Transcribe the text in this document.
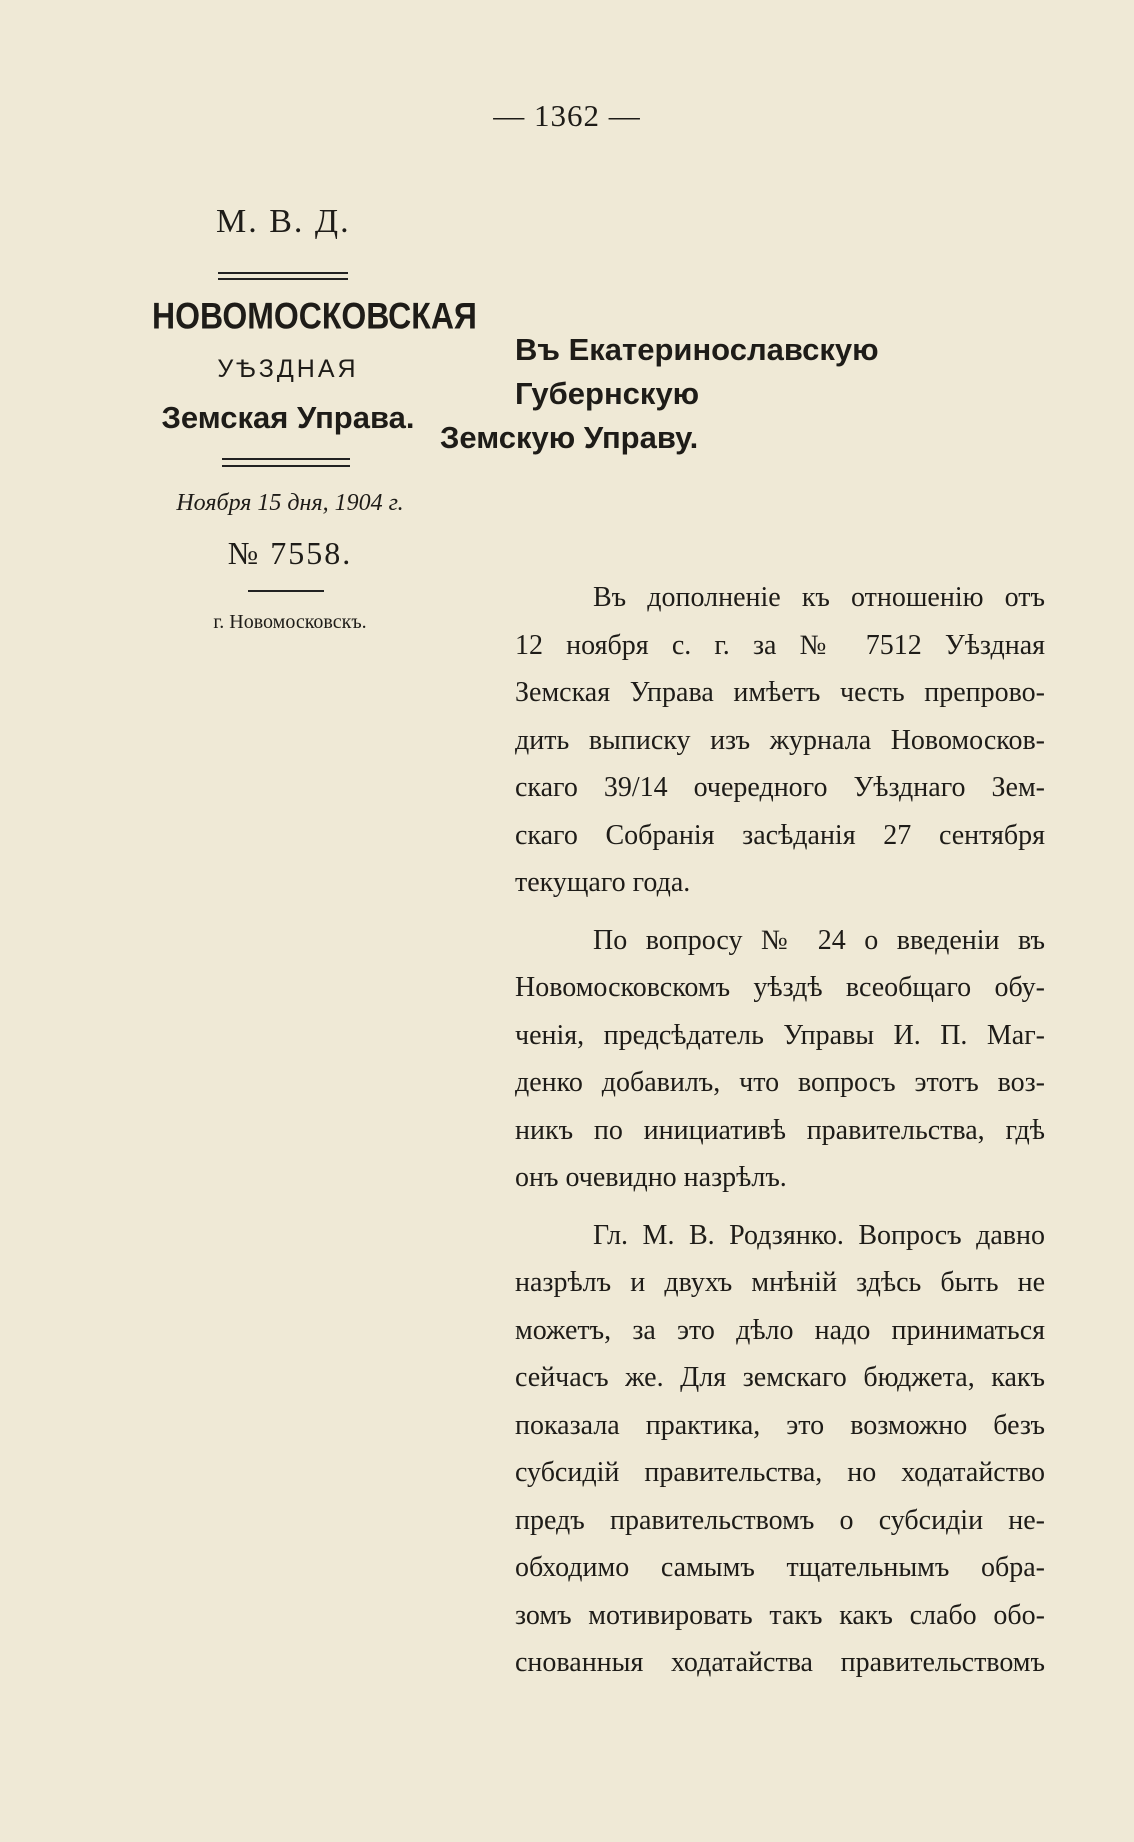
— 1362 —
М. В. Д.
НОВОМОСКОВСКАЯ
УѢЗДНАЯ
Земская Управа.
Ноября 15 дня, 1904 г.
№ 7558.
г. Новомосковскъ.
Въ Екатеринославскую Губернскую
Земскую Управу.
Въ дополненіе къ отношенію отъ
12 ноября с. г. за № 7512 Уѣздная
Земская Управа имѣетъ честь препрово-
дить выписку изъ журнала Новомосков-
скаго 39/14 очередного Уѣзднаго Зем-
скаго Собранія засѣданія 27 сентября
текущаго года.
По вопросу № 24 о введеніи въ
Новомосковскомъ уѣздѣ всеобщаго обу-
ченія, предсѣдатель Управы И. П. Маг-
денко добавилъ, что вопросъ этотъ воз-
никъ по инициативѣ правительства, гдѣ
онъ очевидно назрѣлъ.
Гл. М. В. Родзянко. Вопросъ давно
назрѣлъ и двухъ мнѣній здѣсь быть не
можетъ, за это дѣло надо приниматься
сейчасъ же. Для земскаго бюджета, какъ
показала практика, это возможно безъ
субсидій правительства, но ходатайство
предъ правительствомъ о субсидіи не-
обходимо самымъ тщательнымъ обра-
зомъ мотивировать такъ какъ слабо обо-
снованныя ходатайства правительствомъ
